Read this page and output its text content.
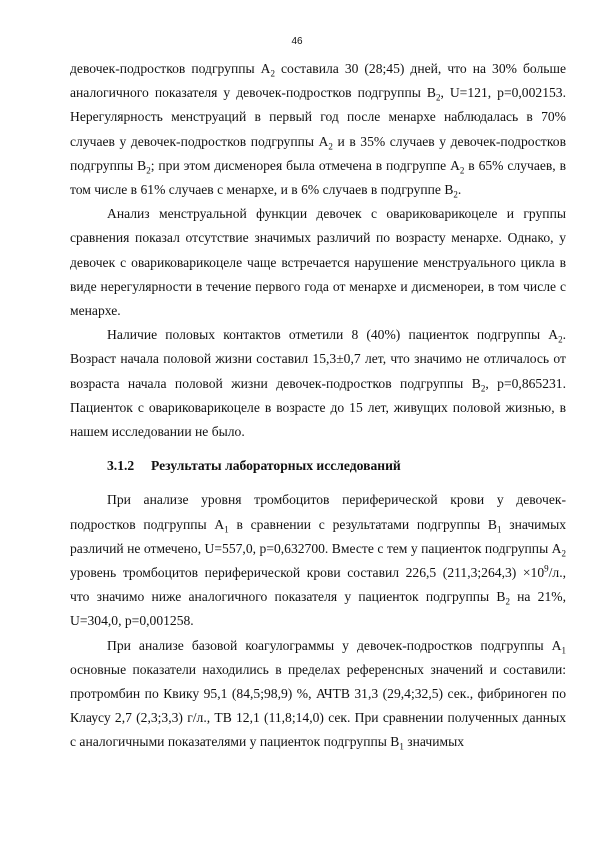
46

девочек-подростков подгруппы $А_2$ составила 30 (28;45) дней, что на 30% больше аналогичного показателя у девочек-подростков подгруппы $В_2$, U=121, p=0,002153. Нерегулярность менструаций в первый год после менархе наблюдалась в 70% случаев у девочек-подростков подгруппы $А_2$ и в 35% случаев у девочек-подростков подгруппы $В_2$; при этом дисменорея была отмечена в подгруппе $А_2$ в 65% случаев, в том числе в 61% случаев с менархе, и в 6% случаев в подгруппе $В_2$.

Анализ менструальной функции девочек с овариковарикоцеле и группы сравнения показал отсутствие значимых различий по возрасту менархе. Однако, у девочек с овариковарикоцеле чаще встречается нарушение менструального цикла в виде нерегулярности в течение первого года от менархе и дисменореи, в том числе с менархе.

Наличие половых контактов отметили 8 (40%) пациенток подгруппы $А_2$. Возраст начала половой жизни составил 15,3±0,7 лет, что значимо не отличалось от возраста начала половой жизни девочек-подростков подгруппы $В_2$, p=0,865231. Пациенток с овариковарикоцеле в возрасте до 15 лет, живущих половой жизнью, в нашем исследовании не было.

3.1.2 Результаты лабораторных исследований

При анализе уровня тромбоцитов периферической крови у девочек-подростков подгруппы $А_1$ в сравнении с результатами подгруппы $В_1$ значимых различий не отмечено, U=557,0, p=0,632700. Вместе с тем у пациенток подгруппы $А_2$ уровень тромбоцитов периферической крови составил 226,5 (211,3;264,3) $\times 10^9/л$., что значимо ниже аналогичного показателя у пациенток подгруппы $В_2$ на 21%, U=304,0, p=0,001258.

При анализе базовой коагулограммы у девочек-подростков подгруппы $А_1$ основные показатели находились в пределах референсных значений и составили: протромбин по Квику 95,1 (84,5;98,9) %, АЧТВ 31,3 (29,4;32,5) сек., фибриноген по Клаусу 2,7 (2,3;3,3) г/л., ТВ 12,1 (11,8;14,0) сек. При сравнении полученных данных с аналогичными показателями у пациенток подгруппы $В_1$ значимых
